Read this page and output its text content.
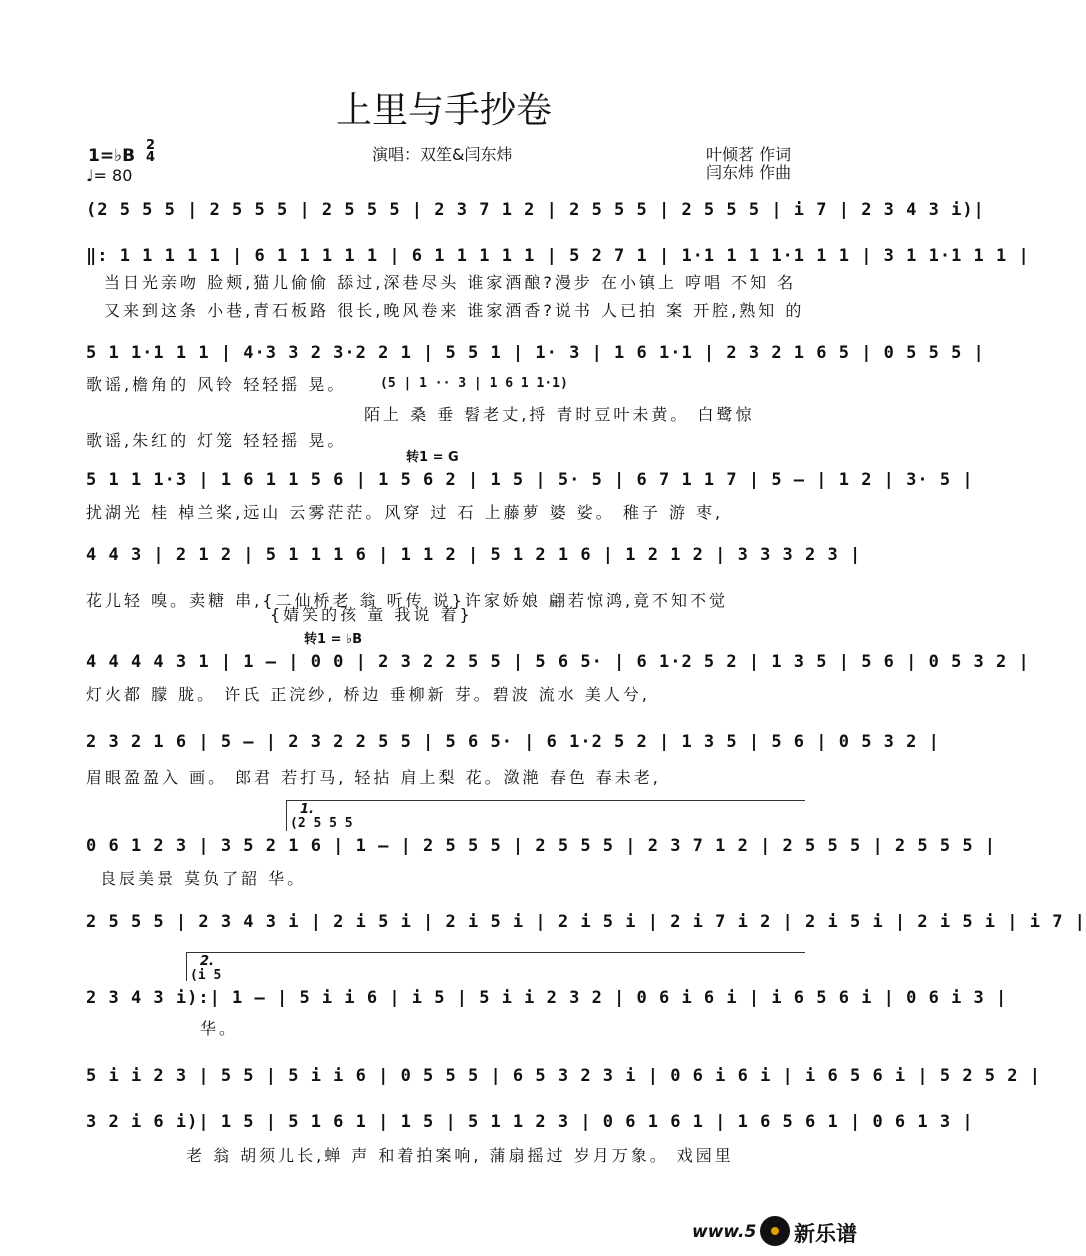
上里与手抄卷
1=♭B
2
4
♩= 80
演唱：双笙&闫东炜	叶倾茗 作词
闫东炜 作曲
(2 5 5 5 | 2 5 5 5 | 2 5 5 5 | 2 3 7 1 2 | 2 5 5 5 | 2 5 5 5 | i 7 | 2 3 4 3 i)|
‖: 1 1 1 1 1 | 6 1 1 1 1 1 | 6 1 1 1 1 1 | 5 2 7 1 | 1·1 1 1 1·1 1 1 | 3 1 1·1 1 1 |
当日光亲吻 脸颊,猫儿偷偷 舔过,深巷尽头 谁家酒酿?漫步 在小镇上 哼唱 不知 名
又来到这条 小巷,青石板路 很长,晚风卷来 谁家酒香?说书 人已拍 案 开腔,熟知 的
5 1 1·1 1 1 | 4·3 3 2 3·2 2 1 | 5 5 1 | 1· 3 | 1 6 1·1 | 2 3 2 1 6 5 | 0 5 5 5 |
(5 | 1 ·· 3 | 1 6 1 1·1)
歌谣,檐角的 风铃 轻轻摇 晃。
陌上 桑 垂 髫老丈,捋 青时豆叶未黄。 白鹭惊
歌谣,朱红的 灯笼 轻轻摇 晃。
转1 = G
5 1 1 1·3 | 1 6 1 1 5 6 | 1 5 6 2 | 1 5 | 5· 5 | 6 7 1 1 7 | 5 – | 1 2 | 3· 5 |
扰湖光 桂 棹兰桨,远山 云雾茫茫。风穿 过 石 上藤萝 婆 娑。 稚子 游 枣,
4 4 3 | 2 1 2 | 5 1 1 1 6 | 1 1 2 | 5 1 2 1 6 | 1 2 1 2 | 3 3 3 2 3 |
花儿轻 嗅。卖糖 串,{二仙桥老 翁 听传 说}许家娇娘 翩若惊鸿,竟不知不觉
{婧笑的孩 童 我说 着}
转1 = ♭B
4 4 4 4 3 1 | 1 – | 0 0 | 2 3 2 2 5 5 | 5 6 5· | 6 1·2 5 2 | 1 3 5 | 5 6 | 0 5 3 2 |
灯火都 朦 胧。 许氏 正浣纱, 桥边 垂柳新 芽。碧波 流水 美人兮,
2 3 2 1 6 | 5 – | 2 3 2 2 5 5 | 5 6 5· | 6 1·2 5 2 | 1 3 5 | 5 6 | 0 5 3 2 |
眉眼盈盈入 画。 郎君 若打马, 轻拈 肩上梨 花。潋滟 春色 春未老,
1.
(2 5 5 5
0 6 1 2 3 | 3 5 2 1 6 | 1 – | 2 5 5 5 | 2 5 5 5 | 2 3 7 1 2 | 2 5 5 5 | 2 5 5 5 |
良辰美景 莫负了韶 华。
2 5 5 5 | 2 3 4 3 i | 2 i 5 i | 2 i 5 i | 2 i 5 i | 2 i 7 i 2 | 2 i 5 i | 2 i 5 i | i 7 |
2.
(i 5
2 3 4 3 i):| 1 – | 5 i i 6 | i 5 | 5 i i 2 3 2 | 0 6 i 6 i | i 6 5 6 i | 0 6 i 3 |
华。
5 i i 2 3 | 5 5 | 5 i i 6 | 0 5 5 5 | 6 5 3 2 3 i | 0 6 i 6 i | i 6 5 6 i | 5 2 5 2 |
3 2 i 6 i)| 1 5 | 5 1 6 1 | 1 5 | 5 1 1 2 3 | 0 6 1 6 1 | 1 6 5 6 1 | 0 6 1 3 |
老 翁 胡须儿长,蝉 声 和着拍案响, 蒲扇摇过 岁月万象。 戏园里
www.5 新乐谱
